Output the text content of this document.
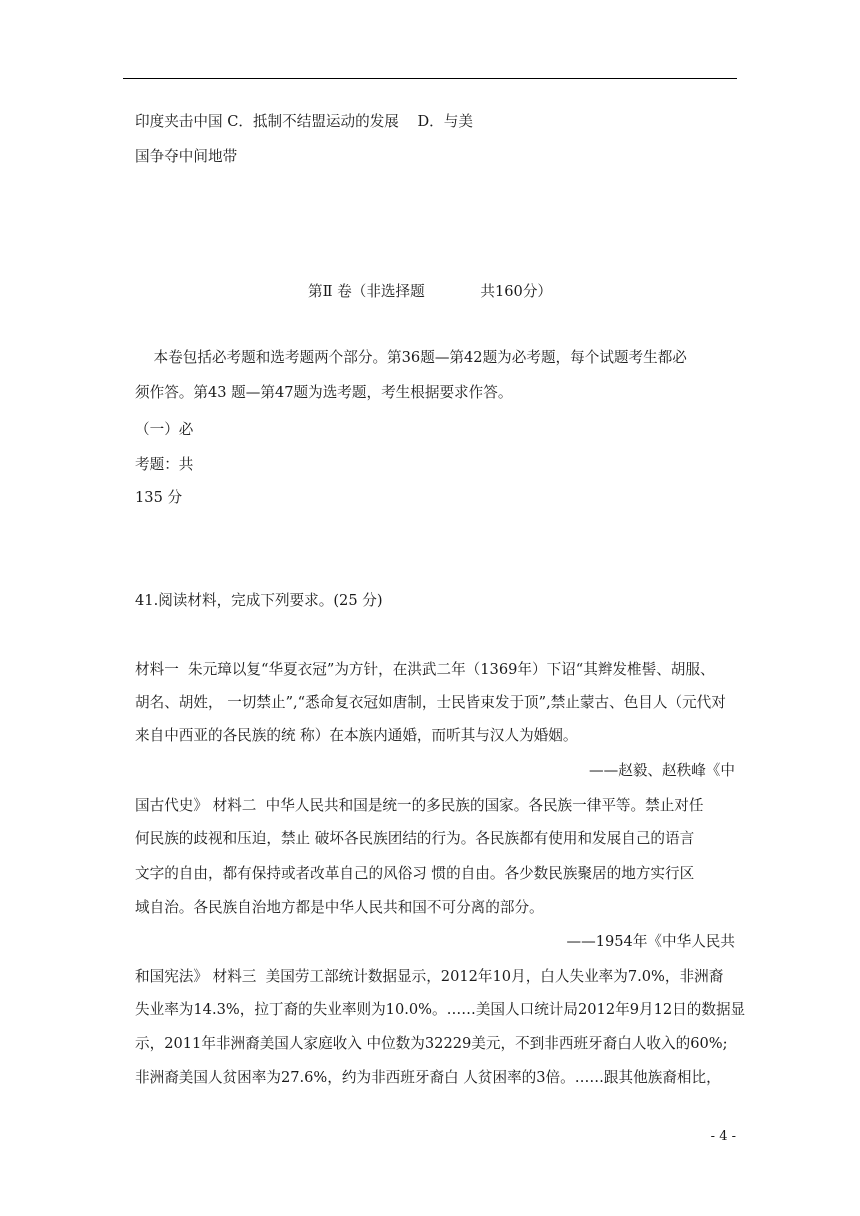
印度夹击中国 C．抵制不结盟运动的发展    D．与美
国争夺中间地带
第Ⅱ 卷（非选择题            共160分）
本卷包括必考题和选考题两个部分。第36题—第42题为必考题，每个试题考生都必
须作答。第43 题—第47题为选考题，考生根据要求作答。
（一）必
考题：共
135 分
41.阅读材料，完成下列要求。(25 分)
材料一  朱元璋以复“华夏衣冠”为方针，在洪武二年（1369年）下诏“其辫发椎髻、胡服、
胡名、胡姓， 一切禁止”,“悉命复衣冠如唐制，士民皆束发于顶”,禁止蒙古、色目人（元代对
来自中西亚的各民族的统 称）在本族内通婚，而听其与汉人为婚姻。
——赵毅、赵秩峰《中
国古代史》 材料二  中华人民共和国是统一的多民族的国家。各民族一律平等。禁止对任
何民族的歧视和压迫，禁止 破坏各民族团结的行为。各民族都有使用和发展自己的语言
文字的自由，都有保持或者改革自己的风俗习 惯的自由。各少数民族聚居的地方实行区
域自治。各民族自治地方都是中华人民共和国不可分离的部分。
——1954年《中华人民共
和国宪法》 材料三  美国劳工部统计数据显示，2012年10月，白人失业率为7.0%，非洲裔
失业率为14.3%，拉丁裔的失业率则为10.0%。……美国人口统计局2012年9月12日的数据显
示，2011年非洲裔美国人家庭收入 中位数为32229美元，不到非西班牙裔白人收入的60%;
非洲裔美国人贫困率为27.6%，约为非西班牙裔白 人贫困率的3倍。……跟其他族裔相比，
- 4 -
